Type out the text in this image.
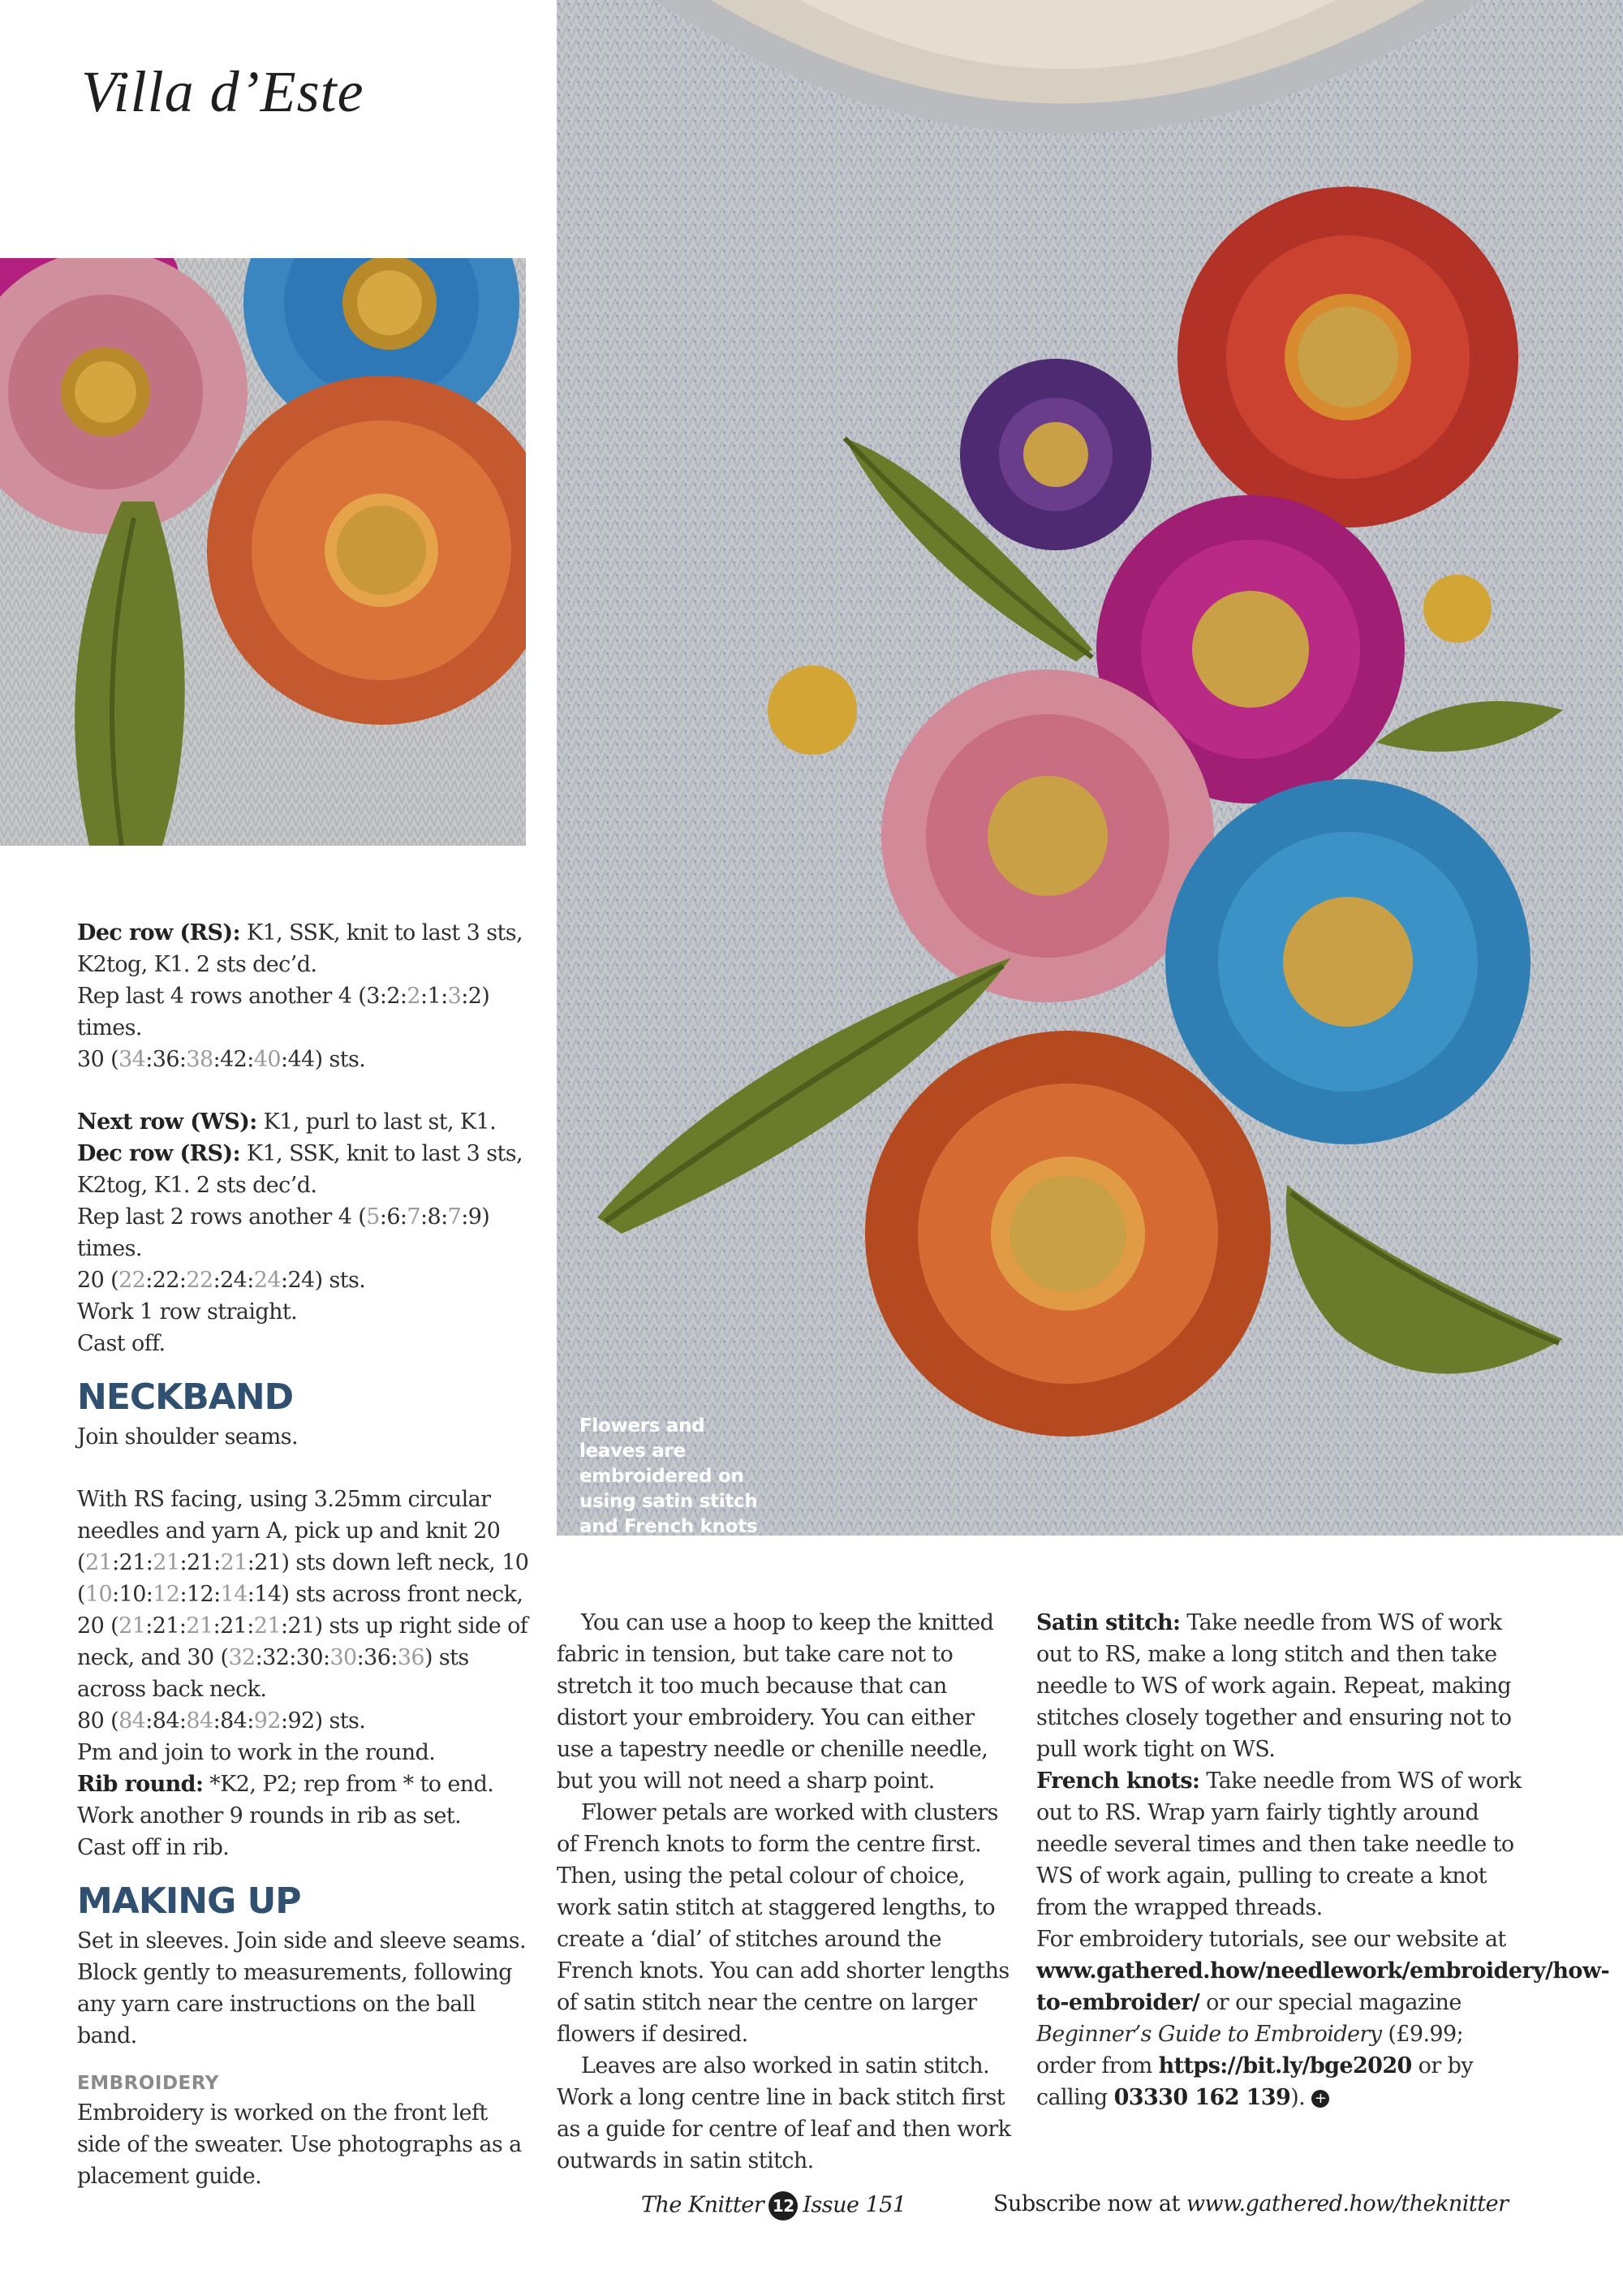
Villa d’Este

Flowers and leaves are embroidered on using satin stitch and French knots

Dec row (RS): K1, SSK, knit to last 3 sts, K2tog, K1. 2 sts dec’d.

Rep last 4 rows another 4 (3:2:2:1:3:2) times.

30 (34:36:38:42:40:44) sts.

Next row (WS): K1, purl to last st, K1.

Dec row (RS): K1, SSK, knit to last 3 sts, K2tog, K1. 2 sts dec’d.

Rep last 2 rows another 4 (5:6:7:8:7:9) times.

20 (22:22:22:24:24:24) sts.

Work 1 row straight.

Cast off.

NECKBAND

Join shoulder seams.

With RS facing, using 3.25mm circular needles and yarn A, pick up and knit 20 (21:21:21:21:21:21) sts down left neck, 10 (10:10:12:12:14:14) sts across front neck, 20 (21:21:21:21:21:21) sts up right side of neck, and 30 (32:32:30:30:36:36) sts across back neck.

80 (84:84:84:84:92:92) sts.

Pm and join to work in the round.

Rib round: *K2, P2; rep from * to end.

Work another 9 rounds in rib as set.

Cast off in rib.

MAKING UP

Set in sleeves. Join side and sleeve seams. Block gently to measurements, following any yarn care instructions on the ball band.

EMBROIDERY

Embroidery is worked on the front left side of the sweater. Use photographs as a placement guide.

You can use a hoop to keep the knitted fabric in tension, but take care not to stretch it too much because that can distort your embroidery. You can either use a tapestry needle or chenille needle, but you will not need a sharp point.

Flower petals are worked with clusters of French knots to form the centre first. Then, using the petal colour of choice, work satin stitch at staggered lengths, to create a ‘dial’ of stitches around the French knots. You can add shorter lengths of satin stitch near the centre on larger flowers if desired.

Leaves are also worked in satin stitch. Work a long centre line in back stitch first as a guide for centre of leaf and then work outwards in satin stitch.

Satin stitch: Take needle from WS of work out to RS, make a long stitch and then take needle to WS of work again. Repeat, making stitches closely together and ensuring not to pull work tight on WS.

French knots: Take needle from WS of work out to RS. Wrap yarn fairly tightly around needle several times and then take needle to WS of work again, pulling to create a knot from the wrapped threads.

For embroidery tutorials, see our website at www.gathered.how/needlework/embroidery/how-to-embroider/ or our special magazine Beginner’s Guide to Embroidery (£9.99; order from https://bit.ly/bge2020 or by calling 03330 162 139). +

The Knitter 12 Issue 151	Subscribe now at www.gathered.how/theknitter
